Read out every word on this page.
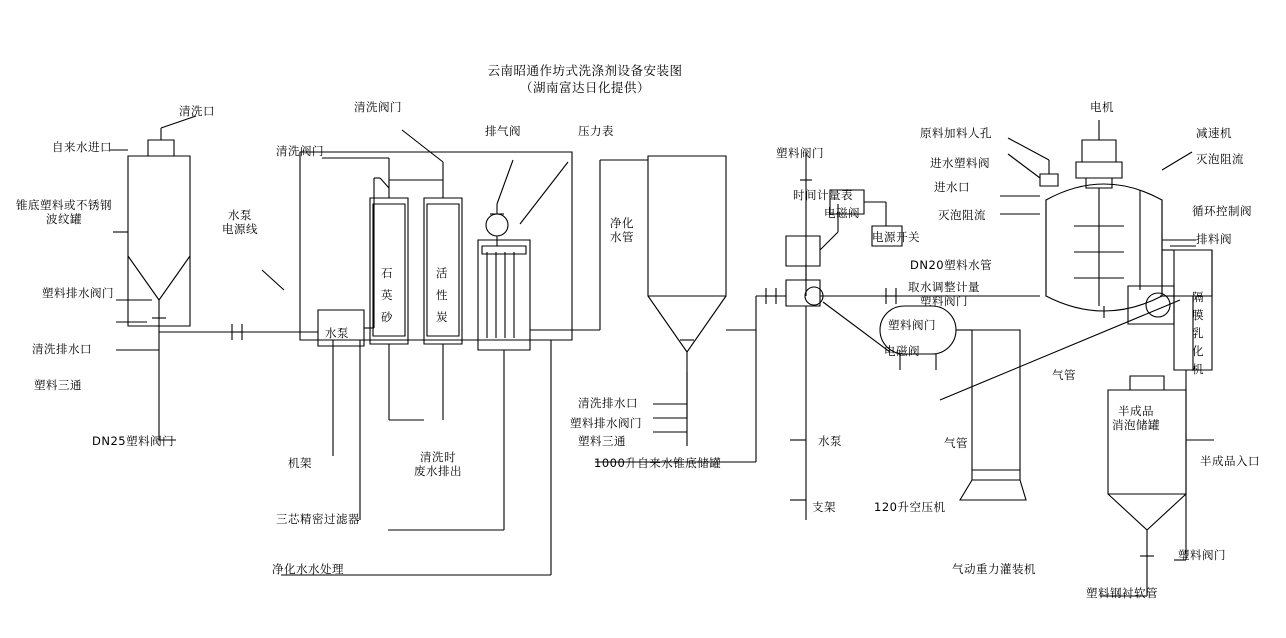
云南昭通作坊式洗涤剂设备安装图
（湖南富达日化提供）
清洗口
自来水进口
锥底塑料或不锈钢
波纹罐
塑料排水阀门
清洗排水口
塑料三通
DN25塑料阀门
水泵
电源线
水泵
清洗阀门
清洗阀门
石
英
砂
活
性
炭
排气阀	压力表
机架	清洗时
废水排出
三芯精密过滤器
净化水水处理
净化
水管
清洗排水口
塑料排水阀门
塑料三通
1000升自来水锥底储罐
塑料阀门
时间计量表
电磁阀
电源开关
DN20塑料水管
取水调整计量
塑料阀门
塑料阀门
电磁阀
水泵
支架	120升空压机
气管
气管
气动重力灌装机
原料加料人孔
进水塑料阀
进水口
灭泡阻流
电机
减速机
灭泡阻流
循环控制阀
排料阀
隔
膜
乳
化
机
半成品
消泡储罐
半成品入口
塑料阀门
塑料钢衬软管
